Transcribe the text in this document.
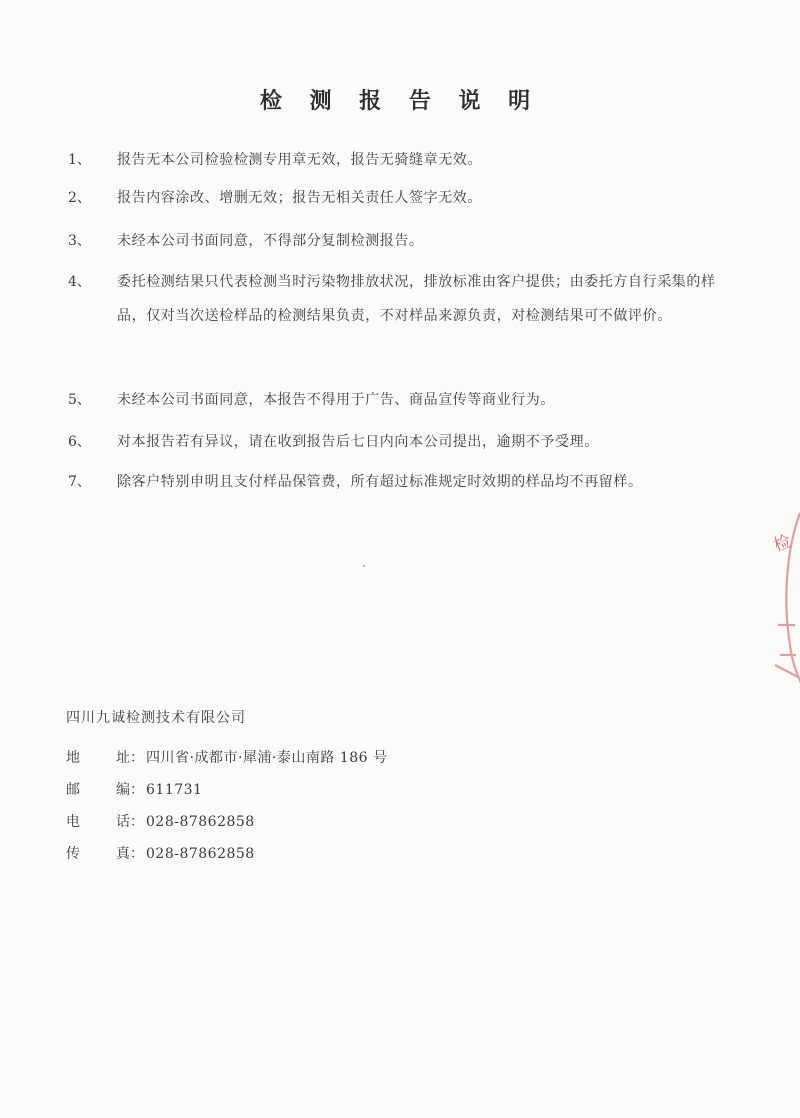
检 测 报 告 说 明
1、 报告无本公司检验检测专用章无效，报告无骑缝章无效。
2、 报告内容涂改、增删无效；报告无相关责任人签字无效。
3、 未经本公司书面同意，不得部分复制检测报告。
4、 委托检测结果只代表检测当时污染物排放状况，排放标准由客户提供；由委托方自行采集的样品，仅对当次送检样品的检测结果负责，不对样品来源负责，对检测结果可不做评价。
5、 未经本公司书面同意，本报告不得用于广告、商品宣传等商业行为。
6、 对本报告若有异议，请在收到报告后七日内向本公司提出，逾期不予受理。
7、 除客户特别申明且支付样品保管费，所有超过标准规定时效期的样品均不再留样。
四川九诚检测技术有限公司
地	址 ： 四川省·成都市·犀浦·泰山南路 186 号
邮	编 ： 611731
电	话 ： 028-87862858
传	真 ： 028-87862858
检
